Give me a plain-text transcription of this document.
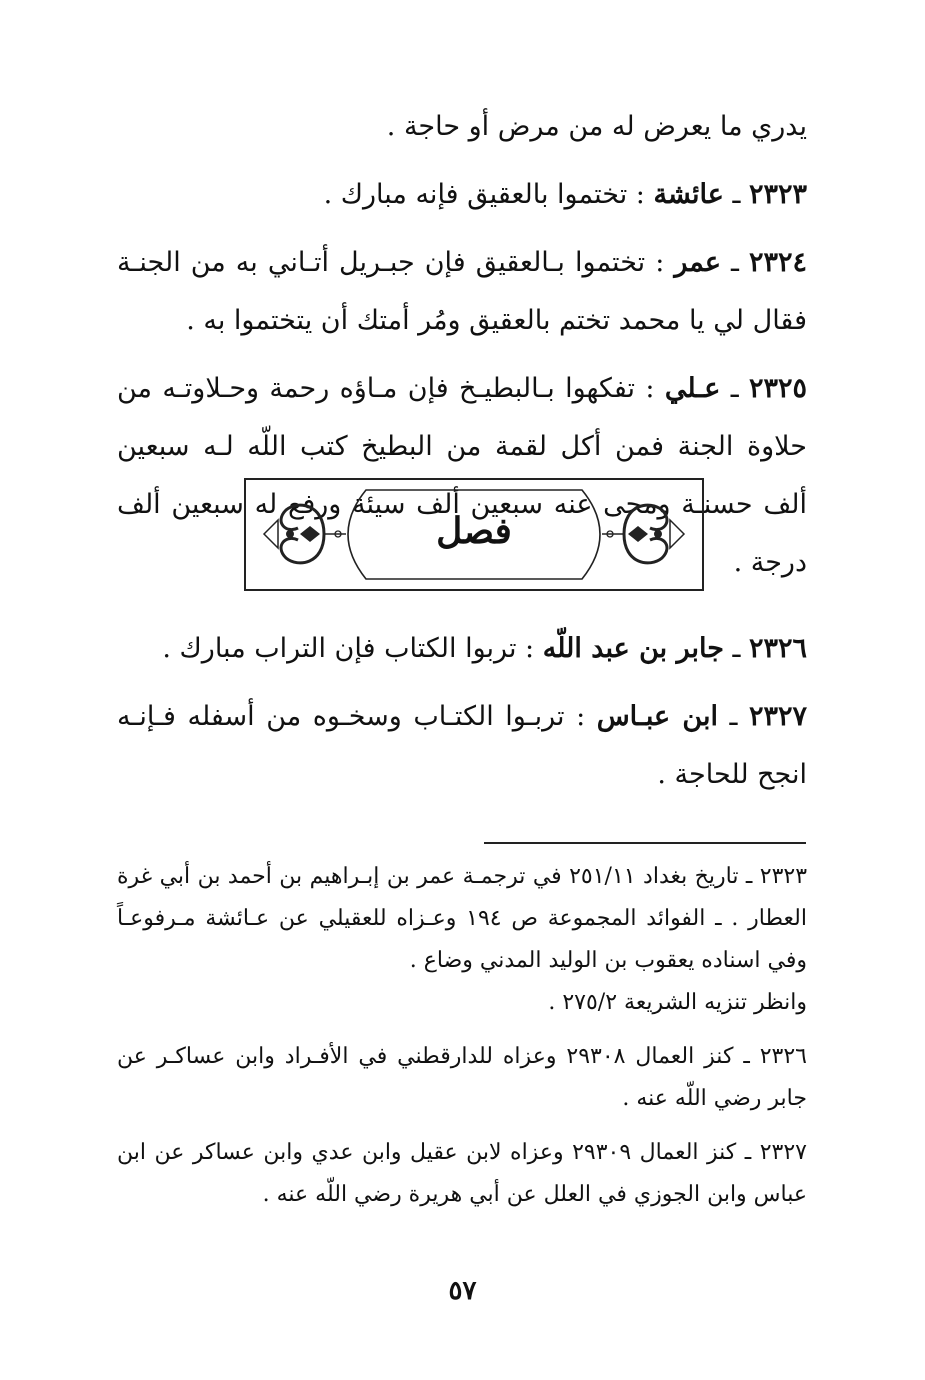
يدري ما يعرض له من مرض أو حاجة .

٢٣٢٣ ـ عائشة : تختموا بالعقيق فإنه مبارك .

٢٣٢٤ ـ عمر : تختموا بـالعقيق فإن جبـريل أتـاني به من الجنـة فقال لي يا محمد تختم بالعقيق ومُر أمتك أن يتختموا به .

٢٣٢٥ ـ عـلي : تفكهوا بـالبطيـخ فإن مـاؤه رحمة وحـلاوتـه من حلاوة الجنة فمن أكل لقمة من البطيخ كتب اللّه لـه سبعين ألف حسنـة ومحى عنه سبعين ألف سيئة ورفع له سبعين ألف درجة .

فصل

٢٣٢٦ ـ جابر بن عبد اللّه : تربوا الكتاب فإن التراب مبارك .

٢٣٢٧ ـ ابن عبـاس : تربـوا الكتـاب وسخـوه من أسفله فـإنـه انجح للحاجة .

٢٣٢٣ ـ تاريخ بغداد ٢٥١/١١ في ترجمـة عمر بن إبـراهيم بن أحمد بن أبي غرة العطار . ـ الفوائد المجموعة ص ١٩٤ وعـزاه للعقيلي عن عـائشة مـرفوعـاً وفي اسناده يعقوب بن الوليد المدني وضاع .

وانظر تنزيه الشريعة ٢٧٥/٢ .

٢٣٢٦ ـ كنز العمال ٢٩٣٠٨ وعزاه للدارقطني في الأفـراد وابن عساكـر عن جابر رضي اللّه عنه .

٢٣٢٧ ـ كنز العمال ٢٩٣٠٩ وعزاه لابن عقيل وابن عدي وابن عساكر عن ابن عباس وابن الجوزي في العلل عن أبي هريرة رضي اللّه عنه .

٥٧
